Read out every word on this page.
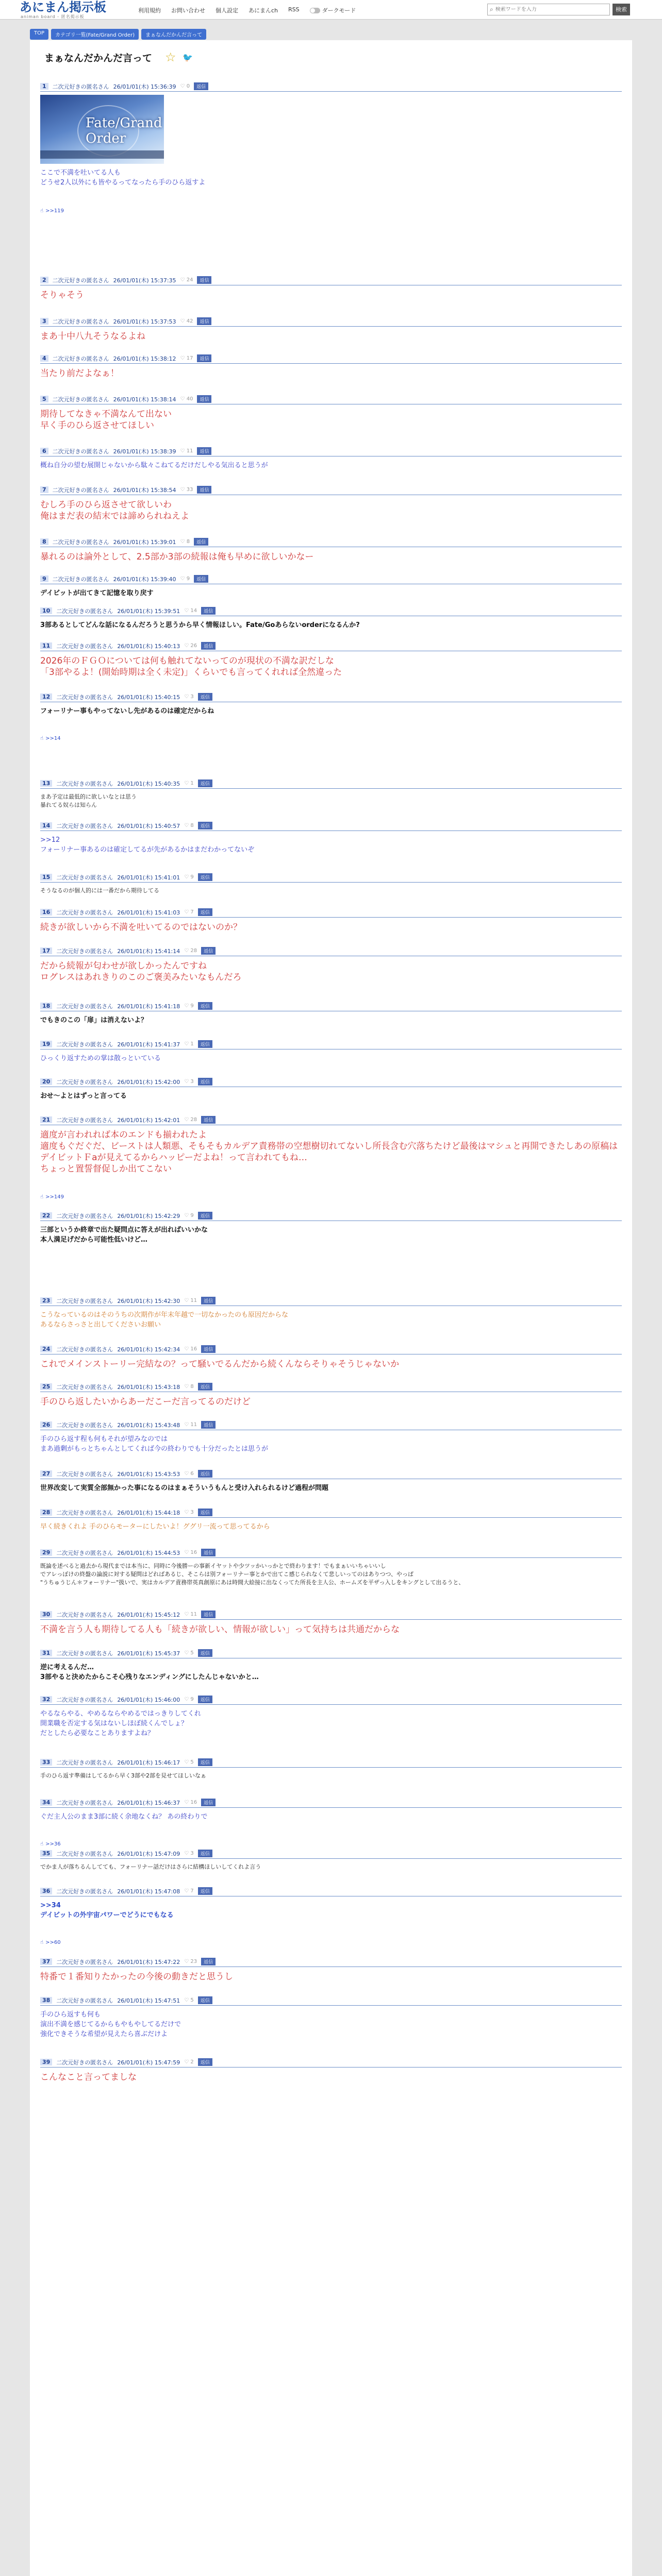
あにまん掲示板
animan board - 匿名掲示板
利用規約 お問い合わせ 個人設定 あにまんch RSS	ダークモード	⌕
検索ワードを入力	検索
TOP	カテゴリ一覧(Fate/Grand Order)	まぁなんだかんだ言って
まぁなんだかんだ言って ☆ 🐦
1	二次元好きの匿名さん 26/01/01(木) 15:36:39 ♡ 0	返信
Fate/Grand Order
ここで不満を吐いてる人も
どうせ2人以外にも皆やるってなったら手のひら返すよ
☝ >>119
2	二次元好きの匿名さん 26/01/01(木) 15:37:35 ♡ 24	返信
そりゃそう
3	二次元好きの匿名さん 26/01/01(木) 15:37:53 ♡ 42	返信
まあ十中八九そうなるよね
4	二次元好きの匿名さん 26/01/01(木) 15:38:12 ♡ 17	返信
当たり前だよなぁ！
5	二次元好きの匿名さん 26/01/01(木) 15:38:14 ♡ 40	返信
期待してなきゃ不満なんて出ない
早く手のひら返させてほしい
6	二次元好きの匿名さん 26/01/01(木) 15:38:39 ♡ 11	返信
概ね自分の望む展開じゃないから駄々こねてるだけだしやる気出ると思うが
7	二次元好きの匿名さん 26/01/01(木) 15:38:54 ♡ 33	返信
むしろ手のひら返させて欲しいわ
俺はまだ表の結末では諦められねえよ
8	二次元好きの匿名さん 26/01/01(木) 15:39:01 ♡ 8	返信
暴れるのは論外として、2.5部か3部の続報は俺も早めに欲しいかなー
9	二次元好きの匿名さん 26/01/01(木) 15:39:40 ♡ 9	返信
デイビットが出てきて記憶を取り戻す
10	二次元好きの匿名さん 26/01/01(木) 15:39:51 ♡ 14	返信
3部あるとしてどんな話になるんだろうと思うから早く情報ほしい。Fate/Goあらないorderになるんか?
11	二次元好きの匿名さん 26/01/01(木) 15:40:13 ♡ 26	返信
2026年のＦＧＯについては何も触れてないってのが現状の不満な訳だしな
「3部やるよ！(開始時期は全く未定)」くらいでも言ってくれれば全然違った
12	二次元好きの匿名さん 26/01/01(木) 15:40:15 ♡ 3	返信
フォーリナー事もやってないし先があるのは確定だからね
☝ >>14
13	二次元好きの匿名さん 26/01/01(木) 15:40:35 ♡ 1	返信
まあ予定は最低的に欲しいなとは思う
暴れてる奴らは知らん
14	二次元好きの匿名さん 26/01/01(木) 15:40:57 ♡ 8	返信
>>12
フォーリナー事あるのは確定してるが先があるかはまだわかってないぞ
15	二次元好きの匿名さん 26/01/01(木) 15:41:01 ♡ 9	返信
そうなるのが個人的には一番だから期待してる
16	二次元好きの匿名さん 26/01/01(木) 15:41:03 ♡ 7	返信
続きが欲しいから不満を吐いてるのではないのか？
17	二次元好きの匿名さん 26/01/01(木) 15:41:14 ♡ 28	返信
だから続報が匂わせが欲しかったんですね
ログレスはあれきりのこのご褒美みたいなもんだろ
18	二次元好きの匿名さん 26/01/01(木) 15:41:18 ♡ 9	返信
でもきのこの「扉」は消えないよ？
19	二次元好きの匿名さん 26/01/01(木) 15:41:37 ♡ 1	返信
ひっくり返すための掌は散っといている
20	二次元好きの匿名さん 26/01/01(木) 15:42:00 ♡ 3	返信
おせ〜よとはずっと言ってる
21	二次元好きの匿名さん 26/01/01(木) 15:42:01 ♡ 28	返信
適度が言われれば本のエンドも揃われたよ
適度もぐだぐだ、ビーストは人類悪、そもそもカルデア責務帯の空想樹切れてないし所長含む穴落ちたけど最後はマシュと再開できたしあの原稿はデイビットＦaが見えてるからハッピーだよね！って言われてもね…
ちょっと置誓督促しか出てこない
☝ >>149
22	二次元好きの匿名さん 26/01/01(木) 15:42:29 ♡ 9	返信
三部というか終章で出た疑問点に答えが出ればいいかな
本人満足げだから可能性低いけど…
23	二次元好きの匿名さん 26/01/01(木) 15:42:30 ♡ 11	返信
こうなっているのはそのうちの次期作が年末年越で一切なかったのも原因だからな
あるならさっさと出してくださいお願い
24	二次元好きの匿名さん 26/01/01(木) 15:42:34 ♡ 16	返信
これでメインストーリー完結なの？って騒いでるんだから続くんならそりゃそうじゃないか
25	二次元好きの匿名さん 26/01/01(木) 15:43:18 ♡ 8	返信
手のひら返したいからあーだこーだ言ってるのだけど
26	二次元好きの匿名さん 26/01/01(木) 15:43:48 ♡ 11	返信
手のひら返す程も何もそれが望みなのでは
まあ過剰がもっとちゃんとしてくれば今の終わりでも十分だったとは思うが
27	二次元好きの匿名さん 26/01/01(木) 15:43:53 ♡ 6	返信
世界改変して実質全部無かった事になるのはまぁそういうもんと受け入れられるけど過程が問題
28	二次元好きの匿名さん 26/01/01(木) 15:44:18 ♡ 3	返信
早く続きくれよ 手のひらモーターにしたいよ！ググリ一流って思ってるから
29	二次元好きの匿名さん 26/01/01(木) 15:44:53 ♡ 16	返信
既論を述べると過去から現代までは本当に、同時に今後勝ーの事新イヤットや少ツッかいっかとで終わります！でもまぁいいちゃいいし
でアレっぽけの終盤の論説に対する疑問はどればあるじ、そこらは別フォーリナー事とかで出てこ感じられなくて悲しいってのはありつつ、やっぱ
"うちゅうじん＊フォーリナー"扱いで、実はカルデア責務帯英真創原にあは時間大絵接に出なくってた所長を主人公、ホームズを平ザっ入しをキングとして出るうと、
30	二次元好きの匿名さん 26/01/01(木) 15:45:12 ♡ 11	返信
不満を言う人も期待してる人も「続きが欲しい、情報が欲しい」って気持ちは共通だからな
31	二次元好きの匿名さん 26/01/01(木) 15:45:37 ♡ 5	返信
逆に考えるんだ…
3部やると決めたからこそ心残りなエンディングにしたんじゃないかと…
32	二次元好きの匿名さん 26/01/01(木) 15:46:00 ♡ 9	返信
やるならやる、やめるならやめるではっきりしてくれ
開業職を否定する気はないしほぼ続くんでしょ？
だとしたら必要なことありますよね？
33	二次元好きの匿名さん 26/01/01(木) 15:46:17 ♡ 5	返信
手のひら返す準備はしてるから早く3部や2部を見せてほしいなぁ
34	二次元好きの匿名さん 26/01/01(木) 15:46:37 ♡ 16	返信
ぐだ主人公のまま3部に続く余地なくね？ あの終わりで
☝ >>36
35	二次元好きの匿名さん 26/01/01(木) 15:47:09 ♡ 3	返信
でかま人が落ちるんしてても、フォーリナー話だけはさらに結構ほしいしてくれよ言う
36	二次元好きの匿名さん 26/01/01(木) 15:47:08 ♡ 7	返信
>>34
デイビットの外宇宙パワーでどうにでもなる
☝ >>60
37	二次元好きの匿名さん 26/01/01(木) 15:47:22 ♡ 23	返信
特番で１番知りたかったの今後の動きだと思うし
38	二次元好きの匿名さん 26/01/01(木) 15:47:51 ♡ 5	返信
手のひら返すも何も
演出不満を感じてるからもやもやしてるだけで
強化できそうな希望が見えたら喜ぶだけよ
39	二次元好きの匿名さん 26/01/01(木) 15:47:59 ♡ 2	返信
こんなこと言ってましな
